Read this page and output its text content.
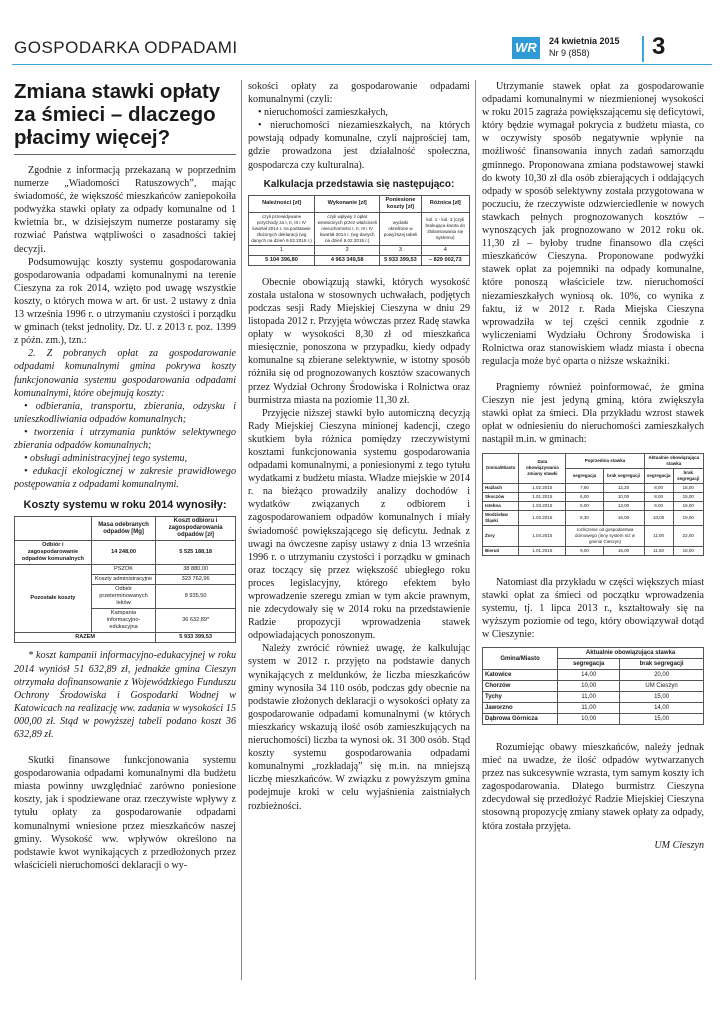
GOSPODARKA ODPADAMI	WR	24 kwietnia 2015
Nr 9 (858)	3
Zmiana stawki opłaty za śmieci – dlaczego płacimy więcej?

Zgodnie z informacją przekazaną w poprzednim numerze „Wiadomości Ratuszowych”, mając świadomość, że większość mieszkańców zaniepokoiła podwyżka stawki opłaty za odpady komunalne od 1 kwietnia br., w dzisiejszym numerze postaramy się rozwiać Państwa wątpliwości o zasadności takiej decyzji.

Podsumowując koszty systemu gospodarowania gospodarowania odpadami komunalnymi na terenie Cieszyna za rok 2014, wzięto pod uwagę wszystkie koszty, o których mowa w art. 6r ust. 2 ustawy z dnia 13 września 1996 r. o utrzymaniu czystości i porządku w gminach (tekst jednolity. Dz. U. z 2013 r. poz. 1399 z późn. zm.), tzn.:

2. Z pobranych opłat za gospodarowanie odpadami komunalnymi gmina pokrywa koszty funkcjonowania systemu gospodarowania odpadami komunalnymi, które obejmują koszty:

• odbierania, transportu, zbierania, odzysku i unieszkodliwiania odpadów komunalnych;
• tworzenia i utrzymania punktów selektywnego zbierania odpadów komunalnych;
• obsługi administracyjnej tego systemu,
• edukacji ekologicznej w zakresie prawidłowego postępowania z odpadami komunalnymi.
Koszty systemu w roku 2014 wynosiły:
	Masa odebranych odpadów [Mg]	Koszt odbioru i zagospodarowania odpadów [zł]
Odbiór i zagospodarowanie odpadów komunalnych	14 248,00	5 525 188,18
Pozostałe koszty	PSZOK	38 880,00
	Koszty administracyjne	323 762,96
	Odbiór przeterminowanych leków	8 935,50
	Kampania informacyjno-edukacyjna	36 632,89*
RAZEM		5 933 399,53

* koszt kampanii informacyjno-edukacyjnej w roku 2014 wyniósł 51 632,89 zł, jednakże gmina Cieszyn otrzymała dofinansowanie z Wojewódzkiego Funduszu Ochrony Środowiska i Gospodarki Wodnej w Katowicach na realizację ww. zadania w wysokości 15 000,00 zł. Stąd w powyższej tabeli podano koszt 36 632,89 zł.

Skutki finansowe funkcjonowania systemu gospodarowania odpadami komunalnymi dla budżetu miasta powinny uwzględniać zarówno poniesione koszty, jak i spodziewane oraz rzeczywiste wpływy z tytułu opłaty za gospodarowanie odpadami komunalnymi wniesione przez mieszkańców naszej gminy. Wysokość ww. wpływów określono na podstawie kwot wynikających z przedłożonych przez właścicieli nieruchomości deklaracji o wy-

sokości opłaty za gospodarowanie odpadami komunalnymi (czyli:

• nieruchomości zamieszkałych,
• nieruchomości niezamieszkałych, na których powstają odpady komunalne, czyli najprościej tam, gdzie prowadzona jest działalność społeczna, gospodarcza czy kulturalna).
Kalkulacja przedstawia się następująco:
Należności [zł]	Wykonanie [zł]	Poniesione koszty [zł]	Różnica [zł]
czyli przewidywane przychody za I, II, III i IV kwartał 2014 r. na podstawie złożonych deklaracji (wg danych na dzień 9.02.2015 r.)	czyli wpływy z opłat wniesionych przez właścicieli nieruchomości I, II, III i IV kwartał 2014 r. (wg danych na dzień 9.02.2015 r.)	wydatki określone w powyższej tabeli	kol. 1 - kol. 3 (czyli brakująca kwota do zbilansowania się systemu)
1	2	3	4
5 104 396,80	4 963 349,58	5 933 399,53	– 829 002,73

Obecnie obowiązują stawki, których wysokość została ustalona w stosownych uchwałach, podjętych podczas sesji Rady Miejskiej Cieszyna w dniu 29 listopada 2012 r. Przyjęta wówczas przez Radę stawka opłaty w wysokości 8,30 zł od mieszkańca miesięcznie, ponoszona w przypadku, kiedy odpady komunalne są zbierane selektywnie, w istotny sposób różniła się od prognozowanych kosztów szacowanych przez Wydział Ochrony Środowiska i Rolnictwa oraz burmistrza miasta na poziomie 11,30 zł.

Przyjęcie niższej stawki było automiczną decyzją Rady Miejskiej Cieszyna minionej kadencji, czego skutkiem była różnica pomiędzy rzeczywistymi kosztami funkcjonowania systemu gospodarowania odpadami komunalnymi, a poniesionymi z tego tytułu wydatkami z budżetu miasta. Władze miejskie w 2014 r. na bieżąco prowadziły analizy dochodów i wydatków związanych z odbiorem i zagospodarowaniem odpadów komunalnych i miały świadomość powiększającego się deficytu. Jednak z uwagi na ówczesne zapisy ustawy z dnia 13 września 1996 r. o utrzymaniu czystości i porządku w gminach oraz toczący się przez większość ubiegłego roku proces legislacyjny, którego efektem było wprowadzenie szeregu zmian w tym akcie prawnym, nie zdecydowały się w 2014 roku na przedstawienie Radzie propozycji wprowadzenia stawek odpowiadających ponoszonym.

Należy zwrócić również uwagę, że kalkulując system w 2012 r. przyjęto na podstawie danych wynikających z meldunków, że liczba mieszkańców gminy wynosiła 34 110 osób, podczas gdy obecnie na podstawie złożonych deklaracji o wysokości opłaty za gospodarowanie odpadami komunalnymi (w których mieszkańcy wskazują ilość osób zamieszkujących na nieruchomości) liczba ta wynosi ok. 31 300 osób. Stąd koszty systemu gospodarowania odpadami komunalnymi „rozkładają” się m.in. na mniejszą liczbę mieszkańców. W związku z powyższym gmina podejmuje kroki w celu wyjaśnienia zaistniałych rozbieżności.

Utrzymanie stawek opłat za gospodarowanie odpadami komunalnymi w niezmienionej wysokości w roku 2015 zagraża powiększającemu się deficytowi, który będzie wymagał pokrycia z budżetu miasta, co w oczywisty sposób negatywnie wpłynie na możliwość finansowania innych zadań samorządu gminnego. Proponowana zmiana podstawowej stawki do kwoty 10,30 zł dla osób zbierających i oddających odpady w sposób selektywny została przygotowana w poczuciu, że rzeczywiste odzwierciedlenie w nowych stawkach pełnych prognozowanych kosztów – wynoszących jak prognozowano w 2012 roku ok. 11,30 zł – byłoby trudne finansowo dla części mieszkańców Cieszyna. Proponowane podwyżki stawek opłat za pojemniki na odpady komunalne, które ponoszą właściciele tzw. nieruchomości niezamieszkałych wyniosą ok. 10%, co wynika z faktu, iż w 2012 r. Rada Miejska Cieszyna wprowadziła w tej części cennik zgodnie z wyliczeniami Wydziału Ochrony Środowiska i Rolnictwa oraz stanowiskiem władz miasta i obecna regulacja może być oparta o niższe wskaźniki.

Pragniemy również poinformować, że gmina Cieszyn nie jest jedyną gminą, która zwiększyła stawki opłat za śmieci. Dla przykładu wzrost stawek opłat w odniesieniu do nieruchomości zamieszkałych nastąpił m.in. w gminach:

Gmina/Miasto	Data obowiązywania zmiany stawki	Poprzednia stawka		Aktualnie obowiązująca stawka	
		segregacja	brak segregacji	segregacja	brak segregacji
Hażlach	1.02.2015	7,60	12,20	8,00	15,00
Skoczów	1.01.2015	6,00	10,00	8,00	15,00
Istebna	1.03.2015	6,00	13,00	9,00	16,00
Wodzisław Śląski	1.03.2015	8,30	16,00	10,00	19,00
Żory	1.04.2015	rozliczenie od gospodarstwa domowego (inny system niż w gminie Cieszyn)		11,00	22,00
Bieruń	1.01.2015	9,00	16,00	11,50	18,00

Natomiast dla przykładu w części większych miast stawki opłat za śmieci od początku wprowadzenia systemu, tj. 1 lipca 2013 r., kształtowały się na wyższym poziomie od tego, który obowiązywał dotąd w Cieszynie:

Gmina/Miasto	Aktualnie obowiązująca stawka	
	segregacja	brak segregacji
Katowice	14,00	20,00
Chorzów	10,00	UM Cieszyn
Tychy	11,00	15,00
Jaworzno	11,00	14,00
Dąbrowa Górnicza	10,00	15,00

Rozumiejąc obawy mieszkańców, należy jednak mieć na uwadze, że ilość odpadów wytwarzanych przez nas sukcesywnie wzrasta, tym samym koszty ich zagospodarowania. Dlatego burmistrz Cieszyna zdecydował się przedłożyć Radzie Miejskiej Cieszyna stosowną propozycję zmiany stawek opłaty za odpady, która została przyjęta.

UM Cieszyn
